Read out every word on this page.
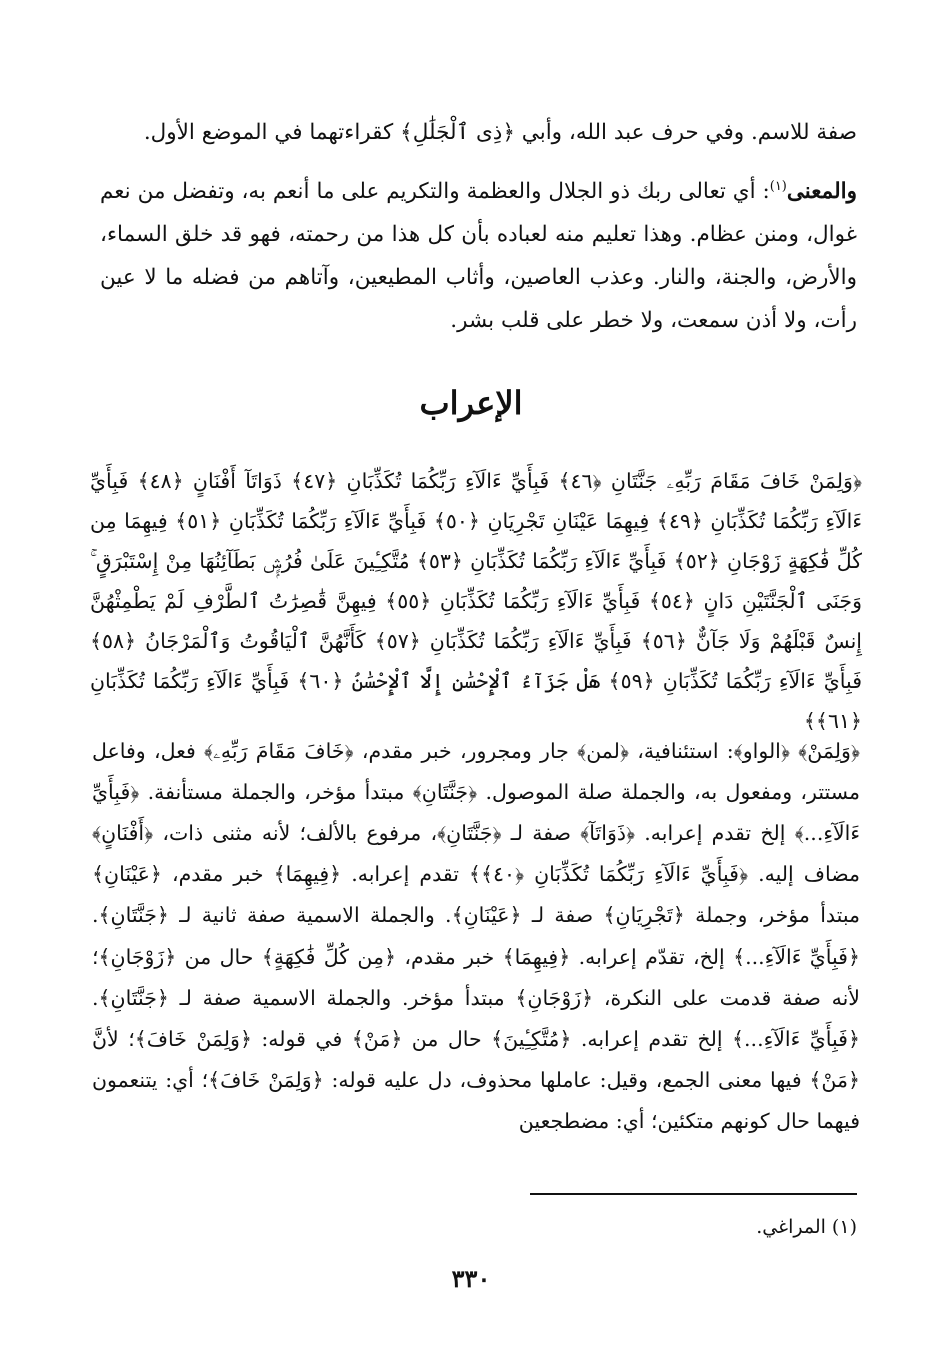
صفة للاسم. وفي حرف عبد الله، وأبي ﴿ذِى ٱلْجَلَٰلِ﴾ كقراءتهما في الموضع الأول.

والمعنى$^{(١)}$: أي تعالى ربك ذو الجلال والعظمة والتكريم على ما أنعم به، وتفضل من نعم غوال، ومنن عظام. وهذا تعليم منه لعباده بأن كل هذا من رحمته، فهو قد خلق السماء، والأرض، والجنة، والنار. وعذب العاصين، وأثاب المطيعين، وآتاهم من فضله ما لا عين رأت، ولا أذن سمعت، ولا خطر على قلب بشر.

الإعراب

﴿وَلِمَنْ خَافَ مَقَامَ رَبِّهِۦ جَنَّتَانِ ﴿٤٦﴾ فَبِأَيِّ ءَالَآءِ رَبِّكُمَا تُكَذِّبَانِ ﴿٤٧﴾ ذَوَاتَآ أَفْنَانٍ ﴿٤٨﴾ فَبِأَيِّ ءَالَآءِ رَبِّكُمَا تُكَذِّبَانِ ﴿٤٩﴾ فِيهِمَا عَيْنَانِ تَجْرِيَانِ ﴿٥٠﴾ فَبِأَيِّ ءَالَآءِ رَبِّكُمَا تُكَذِّبَانِ ﴿٥١﴾ فِيهِمَا مِن كُلِّ فَٰكِهَةٍ زَوْجَانِ ﴿٥٢﴾ فَبِأَيِّ ءَالَآءِ رَبِّكُمَا تُكَذِّبَانِ ﴿٥٣﴾ مُتَّكِـِٔينَ عَلَىٰ فُرُشٍۭ بَطَآئِنُهَا مِنْ إِسْتَبْرَقٍ ۚ وَجَنَى ٱلْجَنَّتَيْنِ دَانٍ ﴿٥٤﴾ فَبِأَيِّ ءَالَآءِ رَبِّكُمَا تُكَذِّبَانِ ﴿٥٥﴾ فِيهِنَّ قَٰصِرَٰتُ ٱلطَّرْفِ لَمْ يَطْمِثْهُنَّ إِنسٌ قَبْلَهُمْ وَلَا جَآنٌّ ﴿٥٦﴾ فَبِأَيِّ ءَالَآءِ رَبِّكُمَا تُكَذِّبَانِ ﴿٥٧﴾ كَأَنَّهُنَّ ٱلْيَاقُوتُ وَٱلْمَرْجَانُ ﴿٥٨﴾ فَبِأَيِّ ءَالَآءِ رَبِّكُمَا تُكَذِّبَانِ ﴿٥٩﴾ هَلْ جَزَآءُ ٱلْإِحْسَٰنِ إِلَّا ٱلْإِحْسَٰنُ ﴿٦٠﴾ فَبِأَيِّ ءَالَآءِ رَبِّكُمَا تُكَذِّبَانِ ﴿٦١﴾﴾

﴿وَلِمَنْ﴾ ﴿الواو﴾: استئنافية، ﴿لمن﴾ جار ومجرور، خبر مقدم، ﴿خَافَ مَقَامَ رَبِّهِۦ﴾ فعل، وفاعل مستتر، ومفعول به، والجملة صلة الموصول. ﴿جَنَّتَانِ﴾ مبتدأ مؤخر، والجملة مستأنفة. ﴿فَبِأَيِّ ءَالَآءِ...﴾ إلخ تقدم إعرابه. ﴿ذَوَاتَآ﴾ صفة لـ ﴿جَنَّتَانِ﴾، مرفوع بالألف؛ لأنه مثنى ذات، ﴿أَفْنَانٍ﴾ مضاف إليه. ﴿فَبِأَيِّ ءَالَآءِ رَبِّكُمَا تُكَذِّبَانِ ﴿٤٠﴾﴾ تقدم إعرابه. ﴿فِيهِمَا﴾ خبر مقدم، ﴿عَيْنَانِ﴾ مبتدأ مؤخر، وجملة ﴿تَجْرِيَانِ﴾ صفة لـ ﴿عَيْنَانِ﴾. والجملة الاسمية صفة ثانية لـ ﴿جَنَّتَانِ﴾. ﴿فَبِأَيِّ ءَالَآءِ...﴾ إلخ، تقدّم إعرابه. ﴿فِيهِمَا﴾ خبر مقدم، ﴿مِن كُلِّ فَٰكِهَةٍ﴾ حال من ﴿زَوْجَانِ﴾؛ لأنه صفة قدمت على النكرة، ﴿زَوْجَانِ﴾ مبتدأ مؤخر. والجملة الاسمية صفة لـ ﴿جَنَّتَانِ﴾. ﴿فَبِأَيِّ ءَالَآءِ...﴾ إلخ تقدم إعرابه. ﴿مُتَّكِـِٔينَ﴾ حال من ﴿مَنْ﴾ في قوله: ﴿وَلِمَنْ خَافَ﴾؛ لأنَّ ﴿مَنْ﴾ فيها معنى الجمع، وقيل: عاملها محذوف، دل عليه قوله: ﴿وَلِمَنْ خَافَ﴾؛ أي: يتنعمون فيهما حال كونهم متكئين؛ أي: مضطجعين

(١) المراغي.
٣٣٠
